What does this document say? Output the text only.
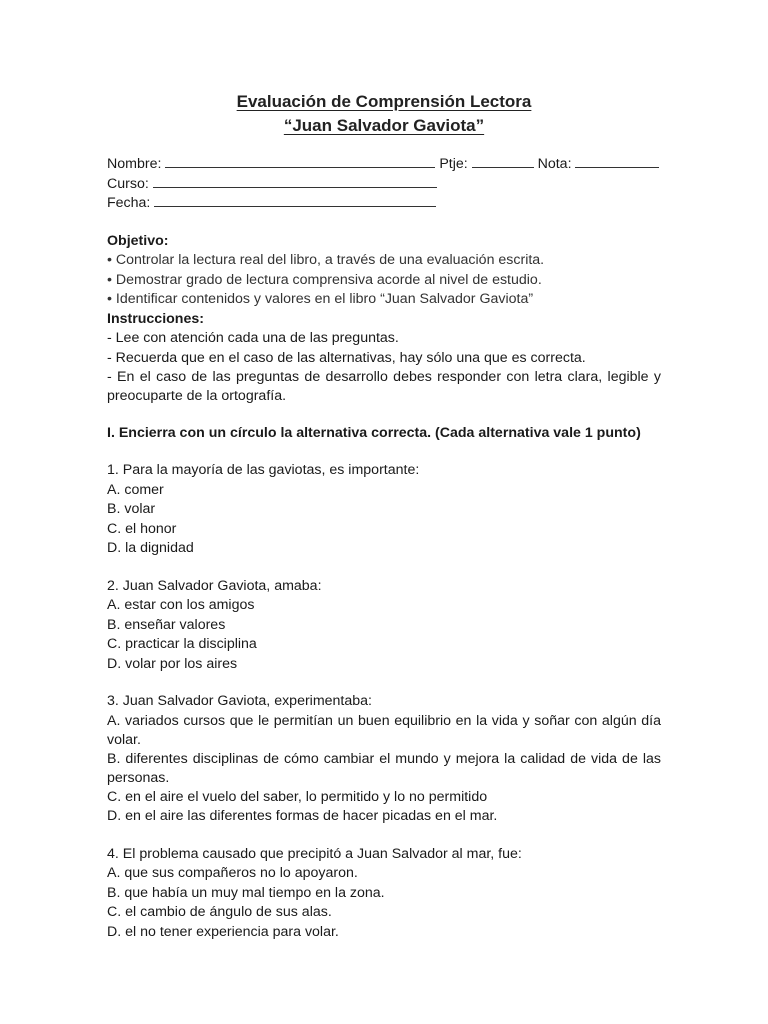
Evaluación de Comprensión Lectora
“Juan Salvador Gaviota”
Nombre:	Ptje:	Nota:
Curso:
Fecha:
Objetivo:
• Controlar la lectura real del libro, a través de una evaluación escrita.
• Demostrar grado de lectura comprensiva acorde al nivel de estudio.
• Identificar contenidos y valores en el libro “Juan Salvador Gaviota”
Instrucciones:
- Lee con atención cada una de las preguntas.
- Recuerda que en el caso de las alternativas, hay sólo una que es correcta.
- En el caso de las preguntas de desarrollo debes responder con letra clara, legible y preocuparte de la ortografía.
I. Encierra con un círculo la alternativa correcta. (Cada alternativa vale 1 punto)
1. Para la mayoría de las gaviotas, es importante:
A. comer
B. volar
C. el honor
D. la dignidad
2. Juan Salvador Gaviota, amaba:
A. estar con los amigos
B. enseñar valores
C. practicar la disciplina
D. volar por los aires
3. Juan Salvador Gaviota, experimentaba:
A. variados cursos que le permitían un buen equilibrio en la vida y soñar con algún día volar.
B. diferentes disciplinas de cómo cambiar el mundo y mejora la calidad de vida de las personas.
C. en el aire el vuelo del saber, lo permitido y lo no permitido
D. en el aire las diferentes formas de hacer picadas en el mar.
4. El problema causado que precipitó a Juan Salvador al mar, fue:
A. que sus compañeros no lo apoyaron.
B. que había un muy mal tiempo en la zona.
C. el cambio de ángulo de sus alas.
D. el no tener experiencia para volar.
